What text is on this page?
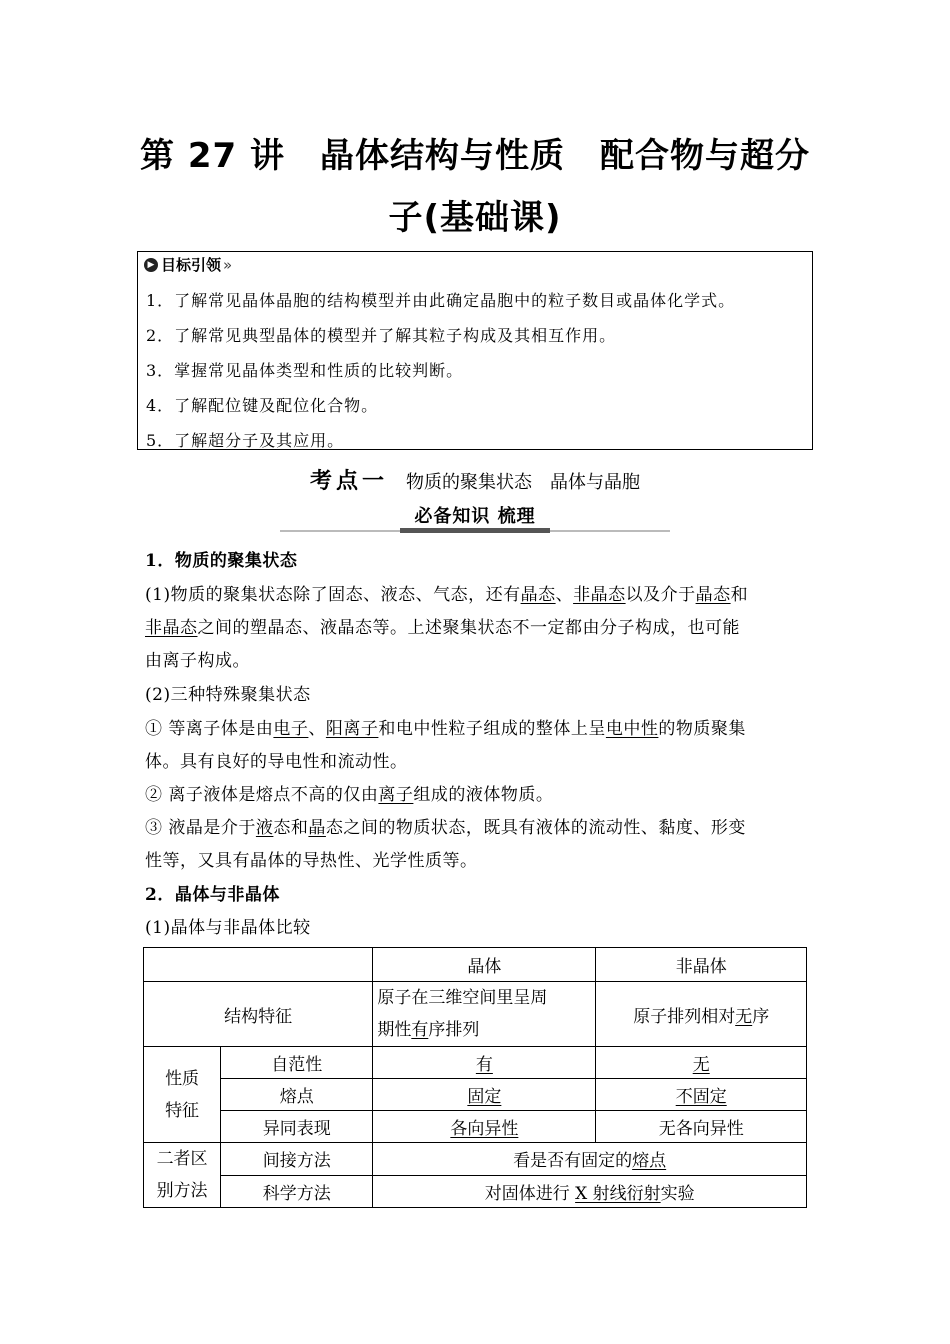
第 27 讲　晶体结构与性质　配合物与超分
子(基础课)
▶ 目标引领 »
1．了解常见晶体晶胞的结构模型并由此确定晶胞中的粒子数目或晶体化学式。
2．了解常见典型晶体的模型并了解其粒子构成及其相互作用。
3．掌握常见晶体类型和性质的比较判断。
4．了解配位键及配位化合物。
5．了解超分子及其应用。
考点一 物质的聚集状态　晶体与晶胞
必备知识 梳理
1．物质的聚集状态
(1)物质的聚集状态除了固态、液态、气态，还有晶态、非晶态以及介于晶态和
非晶态之间的塑晶态、液晶态等。上述聚集状态不一定都由分子构成，也可能
由离子构成。
(2)三种特殊聚集状态
① 等离子体是由电子、阳离子和电中性粒子组成的整体上呈电中性的物质聚集
体。具有良好的导电性和流动性。
② 离子液体是熔点不高的仅由离子组成的液体物质。
③ 液晶是介于液态和晶态之间的物质状态，既具有液体的流动性、黏度、形变
性等，又具有晶体的导热性、光学性质等。
2．晶体与非晶体
(1)晶体与非晶体比较
		晶体	非晶体
结构特征		原子在三维空间里呈周
期性有序排列	原子排列相对无序
性质
特征	自范性	有	无
	熔点	固定	不固定
	异同表现	各向异性	无各向异性
二者区
别方法	间接方法	看是否有固定的熔点	
	科学方法	对固体进行 X 射线衍射实验	
